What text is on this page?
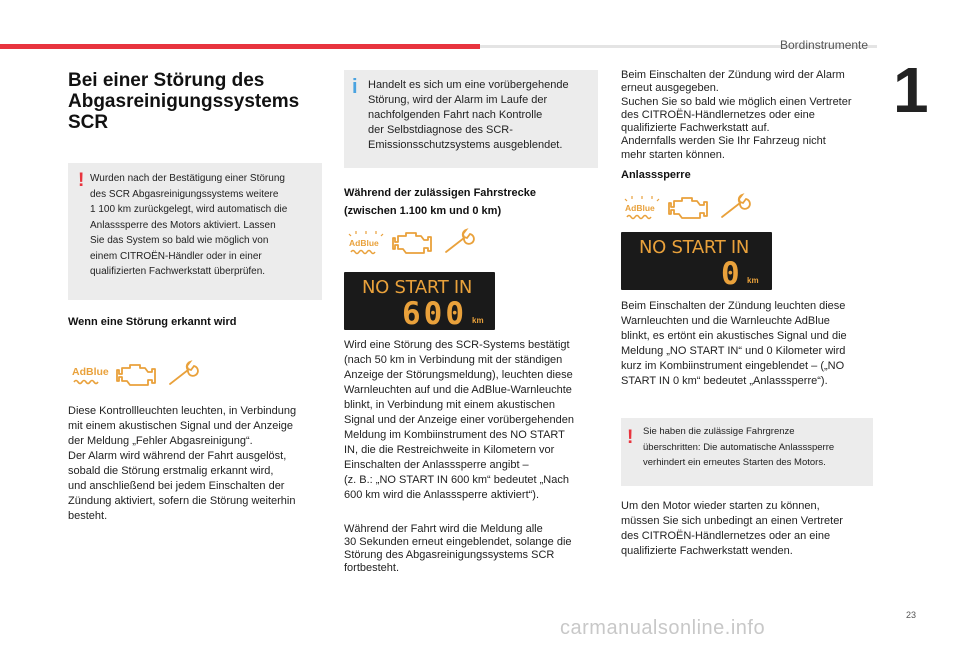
Bordinstrumente
1
Bei einer Störung des
Abgasreinigungssystems
SCR
! Wurden nach der Bestätigung einer Störung
des SCR Abgasreinigungssystems weitere
1 100 km zurückgelegt, wird automatisch die
Anlasssperre des Motors aktiviert. Lassen
Sie das System so bald wie möglich von
einem CITROËN-Händler oder in einer
qualifizierten Fachwerkstatt überprüfen.
Wenn eine Störung erkannt wird
AdBlue
Diese Kontrollleuchten leuchten, in Verbindung
mit einem akustischen Signal und der Anzeige
der Meldung „Fehler Abgasreinigung“.
Der Alarm wird während der Fahrt ausgelöst,
sobald die Störung erstmalig erkannt wird,
und anschließend bei jedem Einschalten der
Zündung aktiviert, sofern die Störung weiterhin
besteht.
i Handelt es sich um eine vorübergehende
Störung, wird der Alarm im Laufe der
nachfolgenden Fahrt nach Kontrolle
der Selbstdiagnose des SCR-
Emissionsschutzsystems ausgeblendet.
Während der zulässigen Fahrstrecke
(zwischen 1.100 km und 0 km)
AdBlue
NO START IN
600 km
Wird eine Störung des SCR-Systems bestätigt
(nach 50 km in Verbindung mit der ständigen
Anzeige der Störungsmeldung), leuchten diese
Warnleuchten auf und die AdBlue-Warnleuchte
blinkt, in Verbindung mit einem akustischen
Signal und der Anzeige einer vorübergehenden
Meldung im Kombiinstrument des NO START
IN, die die Restreichweite in Kilometern vor
Einschalten der Anlasssperre angibt –
(z. B.: „NO START IN 600 km“ bedeutet „Nach
600 km wird die Anlasssperre aktiviert“).
Während der Fahrt wird die Meldung alle
30 Sekunden erneut eingeblendet, solange die
Störung des Abgasreinigungssystems SCR
fortbesteht.
Beim Einschalten der Zündung wird der Alarm
erneut ausgegeben.
Suchen Sie so bald wie möglich einen Vertreter
des CITROËN-Händlernetzes oder eine
qualifizierte Fachwerkstatt auf.
Andernfalls werden Sie Ihr Fahrzeug nicht
mehr starten können.
Anlasssperre
AdBlue
NO START IN
0 km
Beim Einschalten der Zündung leuchten diese
Warnleuchten und die Warnleuchte AdBlue
blinkt, es ertönt ein akustisches Signal und die
Meldung „NO START IN“ und 0 Kilometer wird
kurz im Kombiinstrument eingeblendet – („NO
START IN 0 km“ bedeutet „Anlasssperre“).
! Sie haben die zulässige Fahrgrenze
überschritten: Die automatische Anlasssperre
verhindert ein erneutes Starten des Motors.
Um den Motor wieder starten zu können,
müssen Sie sich unbedingt an einen Vertreter
des CITROËN-Händlernetzes oder an eine
qualifizierte Fachwerkstatt wenden.
23
carmanualsonline.info
